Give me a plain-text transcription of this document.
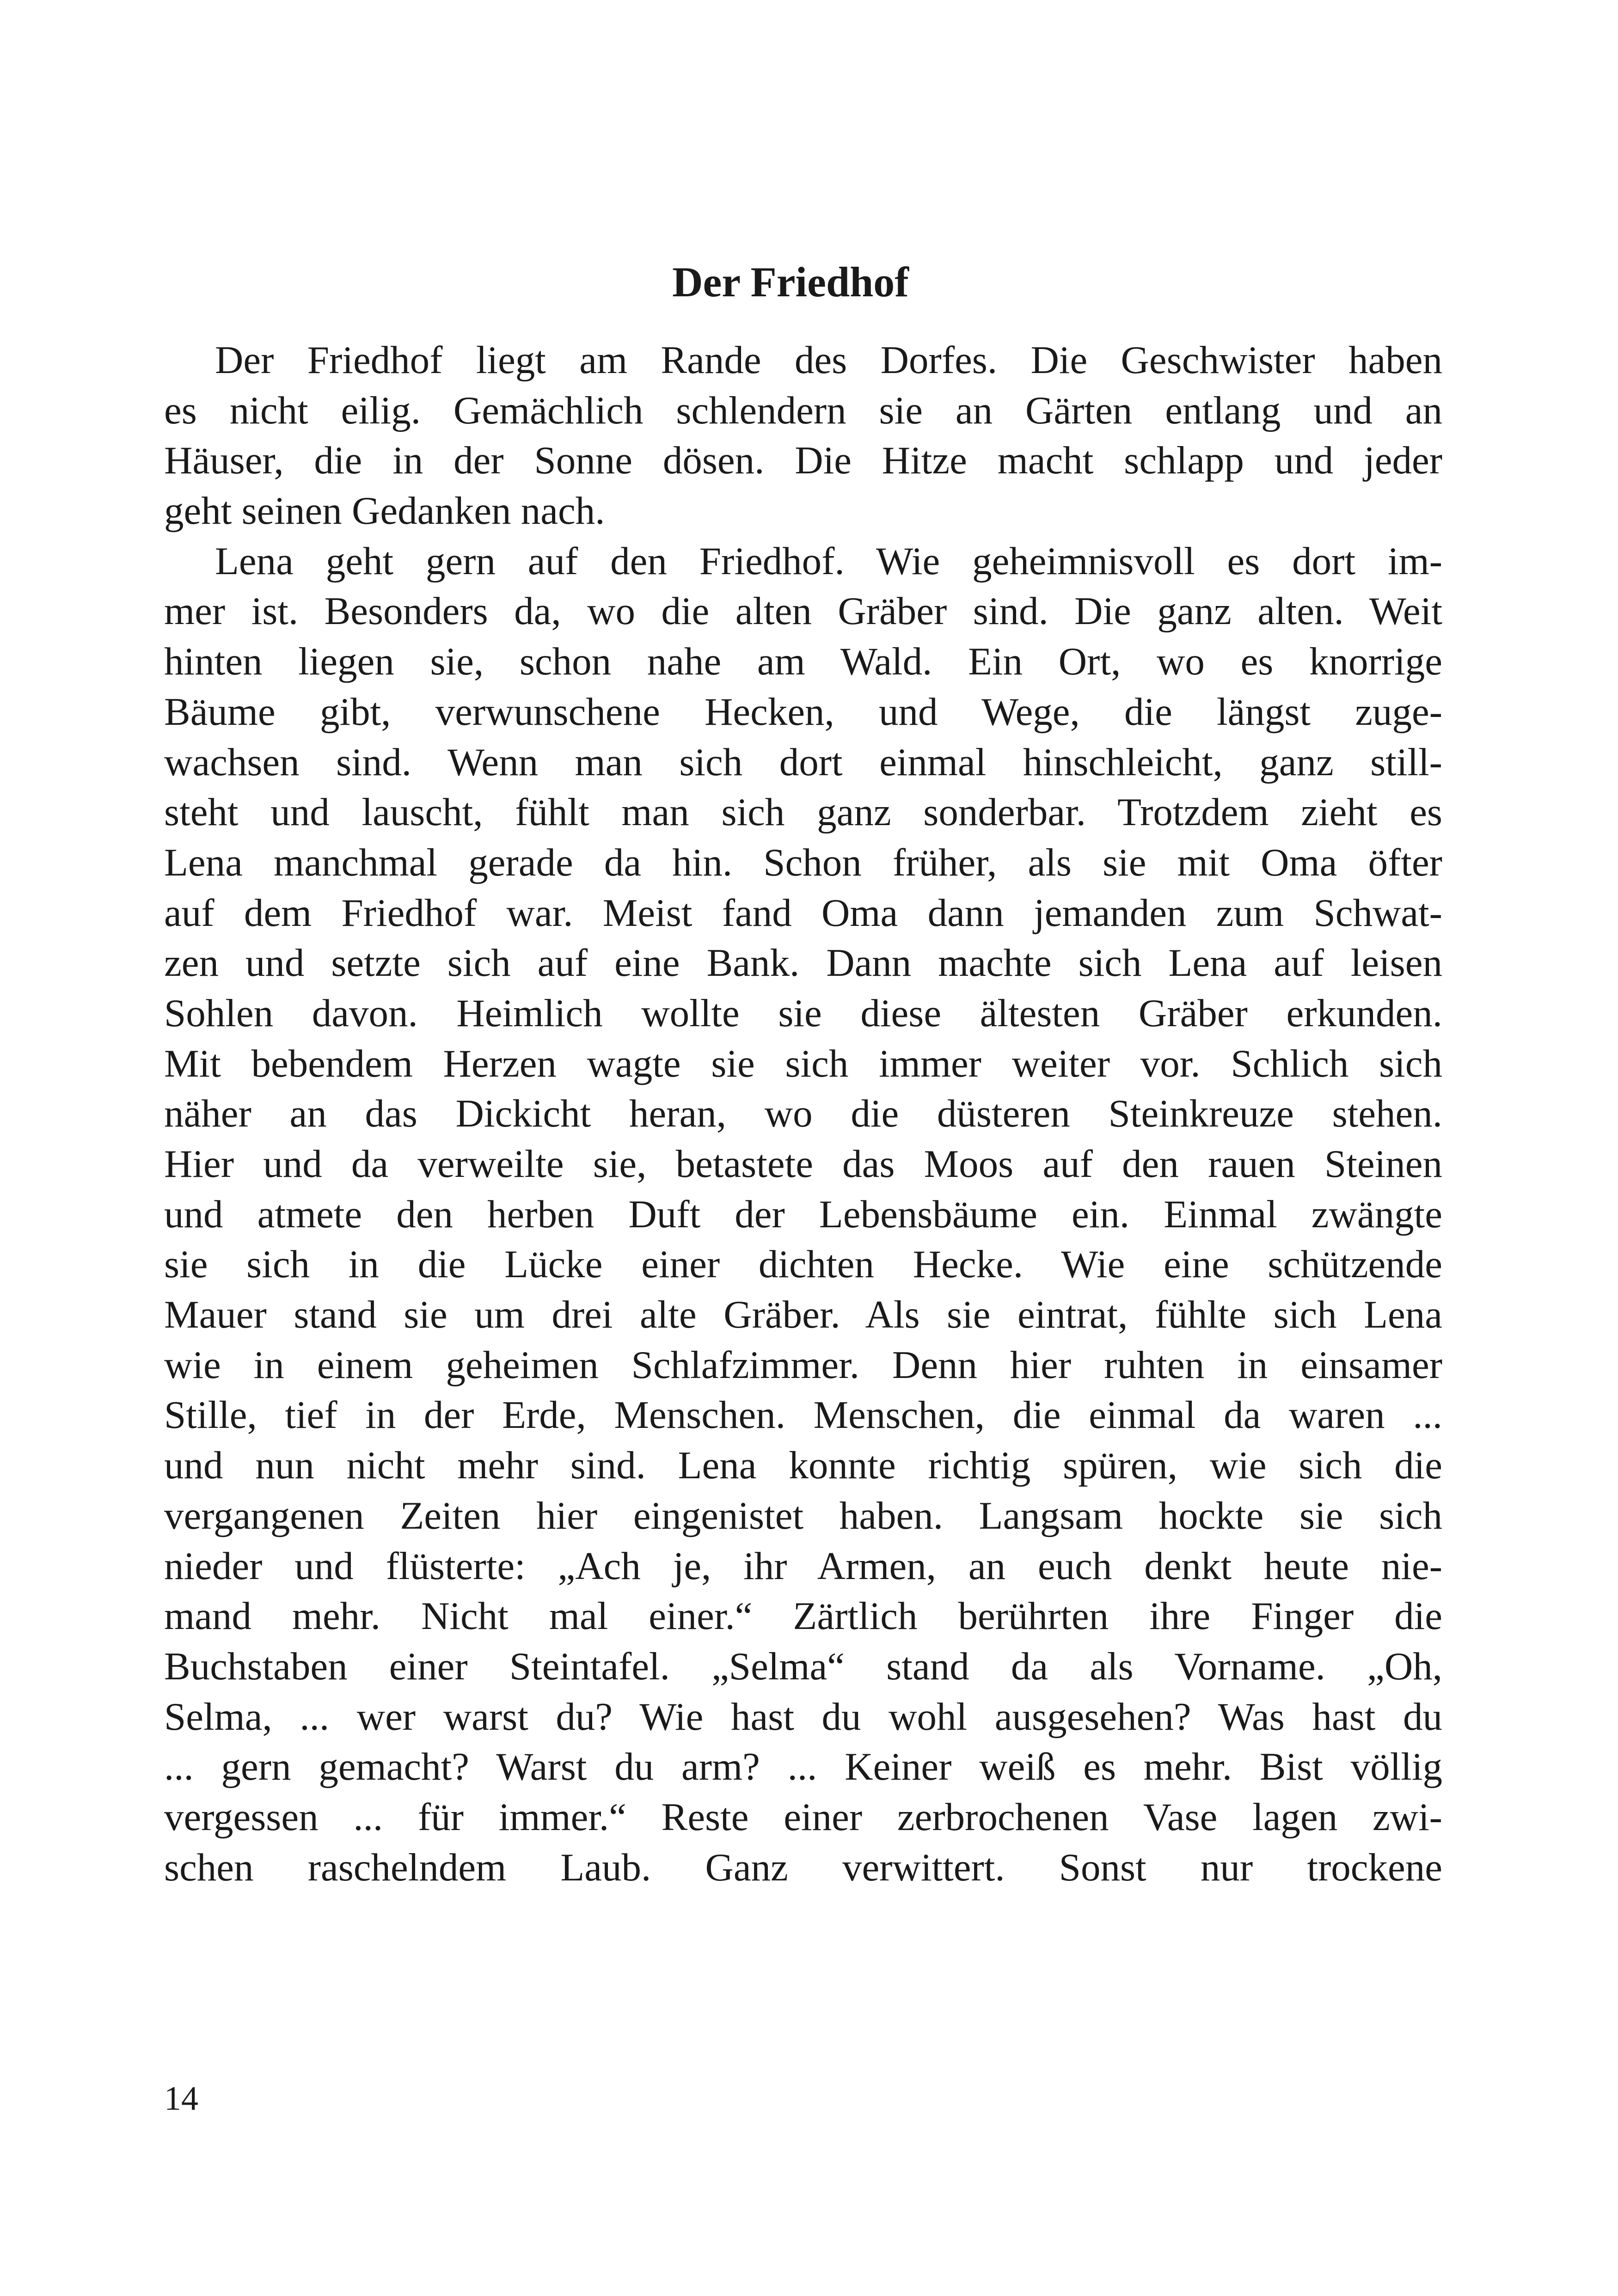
Der Friedhof
Der Friedhof liegt am Rande des Dorfes. Die Geschwister haben
es nicht eilig. Gemächlich schlendern sie an Gärten entlang und an
Häuser, die in der Sonne dösen. Die Hitze macht schlapp und jeder
geht seinen Gedanken nach.
Lena geht gern auf den Friedhof. Wie geheimnisvoll es dort im-
mer ist. Besonders da, wo die alten Gräber sind. Die ganz alten. Weit
hinten liegen sie, schon nahe am Wald. Ein Ort, wo es knorrige
Bäume gibt, verwunschene Hecken, und Wege, die längst zuge-
wachsen sind. Wenn man sich dort einmal hinschleicht, ganz still-
steht und lauscht, fühlt man sich ganz sonderbar. Trotzdem zieht es
Lena manchmal gerade da hin. Schon früher, als sie mit Oma öfter
auf dem Friedhof war. Meist fand Oma dann jemanden zum Schwat-
zen und setzte sich auf eine Bank. Dann machte sich Lena auf leisen
Sohlen davon. Heimlich wollte sie diese ältesten Gräber erkunden.
Mit bebendem Herzen wagte sie sich immer weiter vor. Schlich sich
näher an das Dickicht heran, wo die düsteren Steinkreuze stehen.
Hier und da verweilte sie, betastete das Moos auf den rauen Steinen
und atmete den herben Duft der Lebensbäume ein. Einmal zwängte
sie sich in die Lücke einer dichten Hecke. Wie eine schützende
Mauer stand sie um drei alte Gräber. Als sie eintrat, fühlte sich Lena
wie in einem geheimen Schlafzimmer. Denn hier ruhten in einsamer
Stille, tief in der Erde, Menschen. Menschen, die einmal da waren ...
und nun nicht mehr sind. Lena konnte richtig spüren, wie sich die
vergangenen Zeiten hier eingenistet haben. Langsam hockte sie sich
nieder und flüsterte: „Ach je, ihr Armen, an euch denkt heute nie-
mand mehr. Nicht mal einer.“ Zärtlich berührten ihre Finger die
Buchstaben einer Steintafel. „Selma“ stand da als Vorname. „Oh,
Selma, ... wer warst du? Wie hast du wohl ausgesehen? Was hast du
... gern gemacht? Warst du arm? ... Keiner weiß es mehr. Bist völlig
vergessen ... für immer.“ Reste einer zerbrochenen Vase lagen zwi-
schen raschelndem Laub. Ganz verwittert. Sonst nur trockene

14
